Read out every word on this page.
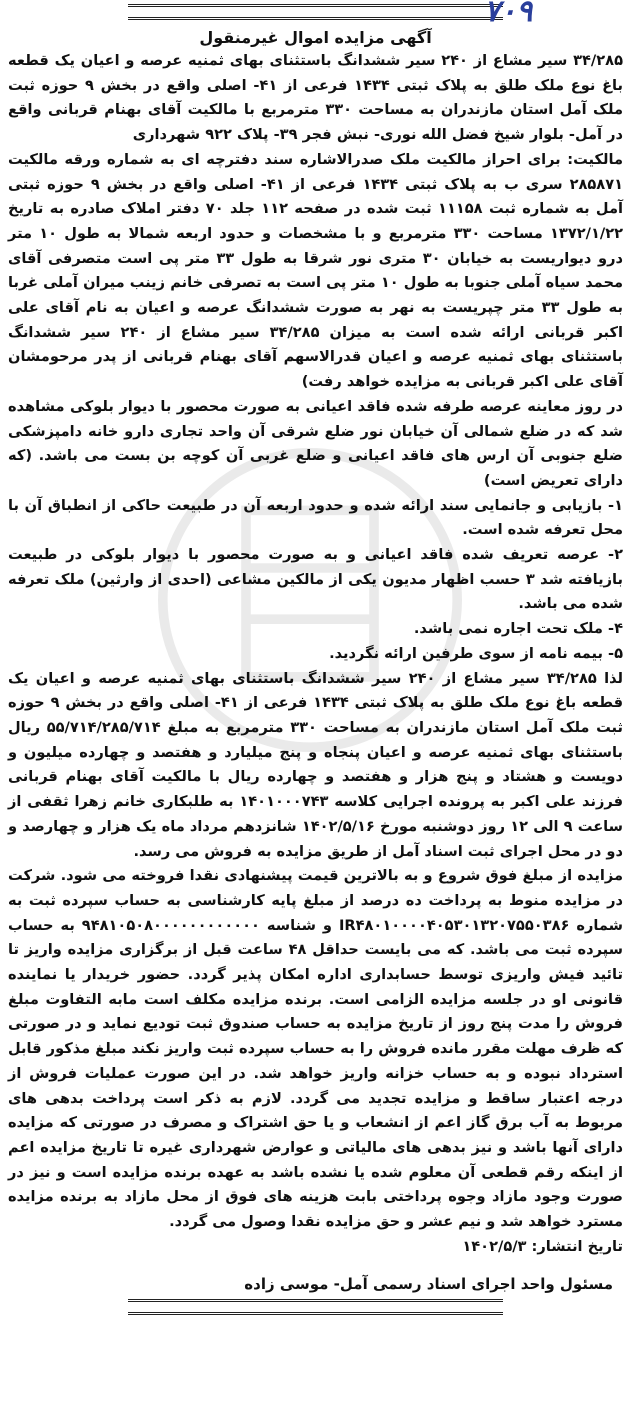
۷۰۹
آگهی مزایده اموال غیرمنقول

۳۴/۲۸۵ سیر مشاع از ۲۴۰ سیر ششدانگ باستثنای بهای ثمنیه عرصه و اعیان یک قطعه باغ نوع ملک طلق به پلاک ثبتی ۱۴۳۴ فرعی از ۴۱- اصلی واقع در بخش ۹ حوزه ثبت ملک آمل استان مازندران به مساحت ۳۳۰ مترمربع با مالکیت آقای بهنام قربانی واقع در آمل- بلوار شیخ فضل الله نوری- نبش فجر ۳۹- پلاک ۹۲۲ شهرداری

مالکیت: برای احراز مالکیت ملک صدرالاشاره سند دفترچه ای به شماره ورقه مالکیت ۲۸۵۸۷۱ سری ب به پلاک ثبتی ۱۴۳۴ فرعی از ۴۱- اصلی واقع در بخش ۹ حوزه ثبتی آمل به شماره ثبت ۱۱۱۵۸ ثبت شده در صفحه ۱۱۲ جلد ۷۰ دفتر املاک صادره به تاریخ ۱۳۷۲/۱/۲۲ مساحت ۳۳۰ مترمربع و با مشخصات و حدود اربعه شمالا به طول ۱۰ متر درو دیواریست به خیابان ۳۰ متری نور شرقا به طول ۳۳ متر پی است متصرفی آقای محمد سیاه آملی جنوبا به طول ۱۰ متر پی است به تصرفی خانم زینب میران آملی غربا به طول ۳۳ متر چپریست به نهر به صورت ششدانگ عرصه و اعیان به نام آقای علی اکبر قربانی ارائه شده است به میزان ۳۴/۲۸۵ سیر مشاع از ۲۴۰ سیر ششدانگ باستثنای بهای ثمنیه عرصه و اعیان قدرالاسهم آقای بهنام قربانی از پدر مرحومشان آقای علی اکبر قربانی به مزایده خواهد رفت)

در روز معاینه عرصه طرفه شده فاقد اعیانی به صورت محصور با دیوار بلوکی مشاهده شد که در ضلع شمالی آن خیابان نور ضلع شرقی آن واحد تجاری دارو خانه دامپزشکی ضلع جنوبی آن ارس های فاقد اعیانی و ضلع غربی آن کوچه بن بست می باشد. (که دارای تعریض است)

۱- بازیابی و جانمایی سند ارائه شده و حدود اربعه آن در طبیعت حاکی از انطباق آن با محل تعرفه شده است.

۲- عرصه تعریف شده فاقد اعیانی و به صورت محصور با دیوار بلوکی در طبیعت بازیافته شد ۳ حسب اظهار مدیون یکی از مالکین مشاعی (احدی از وارثین) ملک تعرفه شده می باشد.

۴- ملک تحت اجاره نمی باشد.

۵- بیمه نامه از سوی طرفین ارائه نگردید.

لذا ۳۴/۲۸۵ سیر مشاع از ۲۴۰ سیر ششدانگ باستثنای بهای ثمنیه عرصه و اعیان یک قطعه باغ نوع ملک طلق به پلاک ثبتی ۱۴۳۴ فرعی از ۴۱- اصلی واقع در بخش ۹ حوزه ثبت ملک آمل استان مازندران به مساحت ۳۳۰ مترمربع به مبلغ ۵۵/۷۱۴/۲۸۵/۷۱۴ ریال باستثنای بهای ثمنیه عرصه و اعیان پنجاه و پنج میلیارد و هفتصد و چهارده میلیون و دویست و هشتاد و پنج هزار و هفتصد و چهارده ریال با مالکیت آقای بهنام قربانی فرزند علی اکبر به پرونده اجرایی کلاسه ۱۴۰۱۰۰۰۷۴۳ به طلبکاری خانم زهرا ثقفی از ساعت ۹ الی ۱۲ روز دوشنبه مورخ ۱۴۰۲/۵/۱۶ شانزدهم مرداد ماه یک هزار و چهارصد و دو در محل اجرای ثبت اسناد آمل از طریق مزایده به فروش می رسد.

مزایده از مبلغ فوق شروع و به بالاترین قیمت پیشنهادی نقدا فروخته می شود. شرکت در مزایده منوط به پرداخت ده درصد از مبلغ پایه کارشناسی به حساب سپرده ثبت به شماره IR۴۸۰۱۰۰۰۰۴۰۵۳۰۱۳۲۰۷۵۵۰۳۸۶ و شناسه ۹۴۸۱۰۵۰۸۰۰۰۰۰۰۰۰۰۰۰۰ به حساب سپرده ثبت می باشد. که می بایست حداقل ۴۸ ساعت قبل از برگزاری مزایده واریز تا تائید فیش واریزی توسط حسابداری اداره امکان پذیر گردد. حضور خریدار یا نماینده قانونی او در جلسه مزایده الزامی است. برنده مزایده مکلف است مابه التفاوت مبلغ فروش را مدت پنج روز از تاریخ مزایده به حساب صندوق ثبت تودیع نماید و در صورتی که ظرف مهلت مقرر مانده فروش را به حساب سپرده ثبت واریز نکند مبلغ مذکور قابل استرداد نبوده و به حساب خزانه واریز خواهد شد. در این صورت عملیات فروش از درجه اعتبار ساقط و مزایده تجدید می گردد. لازم به ذکر است پرداخت بدهی های مربوط به آب برق گاز اعم از انشعاب و یا حق اشتراک و مصرف در صورتی که مزایده دارای آنها باشد و نیز بدهی های مالیاتی و عوارض شهرداری غیره تا تاریخ مزایده اعم از اینکه رقم قطعی آن معلوم شده یا نشده باشد به عهده برنده مزایده است و نیز در صورت وجود مازاد وجوه پرداختی بابت هزینه های فوق از محل مازاد به برنده مزایده مسترد خواهد شد و نیم عشر و حق مزایده نقدا وصول می گردد.

تاریخ انتشار: ۱۴۰۲/۵/۳

مسئول واحد اجرای اسناد رسمی آمل- موسی زاده
